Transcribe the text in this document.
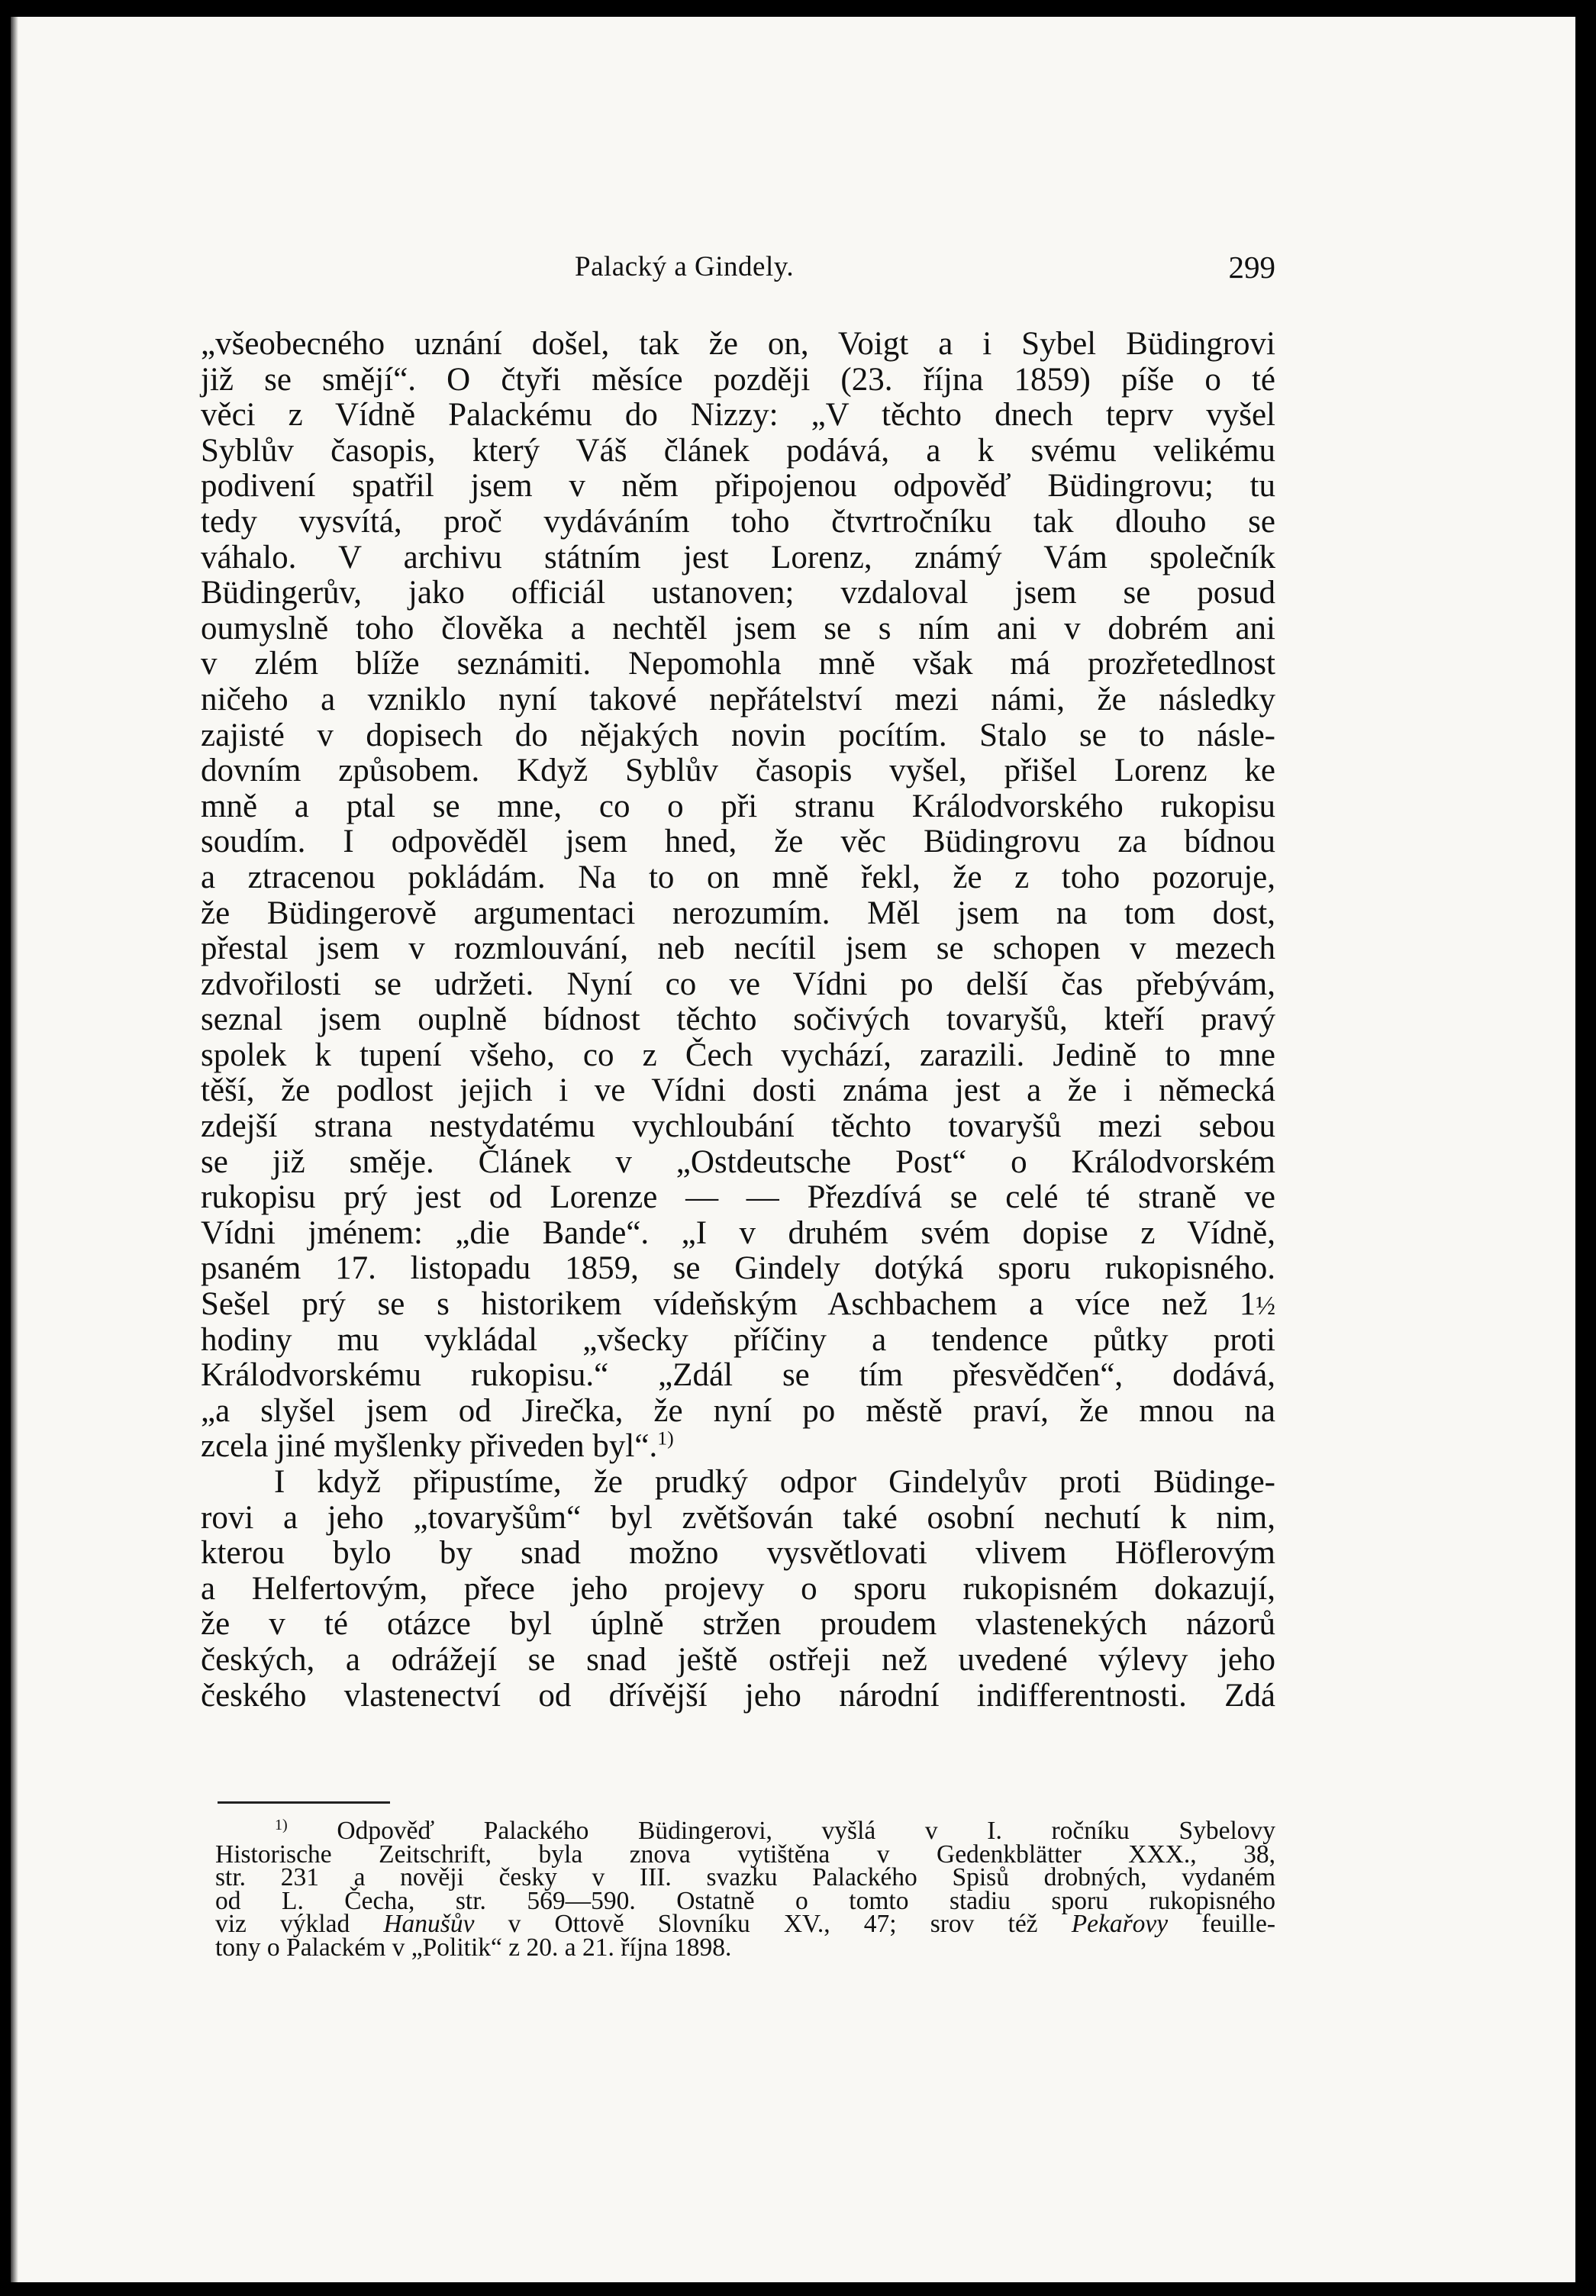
Palacký a Gindely.	299
„všeobecného uznání došel, tak že on, Voigt a i Sybel Büdingrovi
již se smějí“. O čtyři měsíce později (23. října 1859) píše o té
věci z Vídně Palackému do Nizzy: „V těchto dnech teprv vyšel
Syblův časopis, který Váš článek podává, a k svému velikému
podivení spatřil jsem v něm připojenou odpověď Büdingrovu; tu
tedy vysvítá, proč vydáváním toho čtvrtročníku tak dlouho se
váhalo. V archivu státním jest Lorenz, známý Vám společník
Büdingerův, jako officiál ustanoven; vzdaloval jsem se posud
oumyslně toho člověka a nechtěl jsem se s ním ani v dobrém ani
v zlém blíže seznámiti. Nepomohla mně však má prozřetedlnost
ničeho a vzniklo nyní takové nepřátelství mezi námi, že následky
zajisté v dopisech do nějakých novin pocítím. Stalo se to násle-
dovním způsobem. Když Syblův časopis vyšel, přišel Lorenz ke
mně a ptal se mne, co o při stranu Králodvorského rukopisu
soudím. I odpověděl jsem hned, že věc Büdingrovu za bídnou
a ztracenou pokládám. Na to on mně řekl, že z toho pozoruje,
že Büdingerově argumentaci nerozumím. Měl jsem na tom dost,
přestal jsem v rozmlouvání, neb necítil jsem se schopen v mezech
zdvořilosti se udržeti. Nyní co ve Vídni po delší čas přebývám,
seznal jsem ouplně bídnost těchto sočivých tovaryšů, kteří pravý
spolek k tupení všeho, co z Čech vychází, zarazili. Jedině to mne
těší, že podlost jejich i ve Vídni dosti známa jest a že i německá
zdejší strana nestydatému vychloubání těchto tovaryšů mezi sebou
se již směje. Článek v „Ostdeutsche Post“ o Králodvorském
rukopisu prý jest od Lorenze — — Přezdívá se celé té straně ve
Vídni jménem: „die Bande“. „I v druhém svém dopise z Vídně,
psaném 17. listopadu 1859, se Gindely dotýká sporu rukopisného.
Sešel prý se s historikem vídeňským Aschbachem a více než 1½
hodiny mu vykládal „všecky příčiny a tendence půtky proti
Králodvorskému rukopisu.“ „Zdál se tím přesvědčen“, dodává,
„a slyšel jsem od Jirečka, že nyní po městě praví, že mnou na
zcela jiné myšlenky přiveden byl“.$^{1)}$
I když připustíme, že prudký odpor Gindelyův proti Büdinge-
rovi a jeho „tovaryšům“ byl zvětšován také osobní nechutí k nim,
kterou bylo by snad možno vysvětlovati vlivem Höflerovým
a Helfertovým, přece jeho projevy o sporu rukopisném dokazují,
že v té otázce byl úplně stržen proudem vlastenekých názorů
českých, a odrážejí se snad ještě ostřeji než uvedené výlevy jeho
českého vlastenectví od dřívější jeho národní indifferentnosti. Zdá
$^{1)}$ Odpověď Palackého Büdingerovi, vyšlá v I. ročníku Sybelovy
Historische Zeitschrift, byla znova vytištěna v Gedenkblätter XXX., 38,
str. 231 a nověji česky v III. svazku Palackého Spisů drobných, vydaném
od L. Čecha, str. 569—590. Ostatně o tomto stadiu sporu rukopisného
viz výklad Hanušův v Ottově Slovníku XV., 47; srov též Pekařovy feuille-
tony o Palackém v „Politik“ z 20. a 21. října 1898.
